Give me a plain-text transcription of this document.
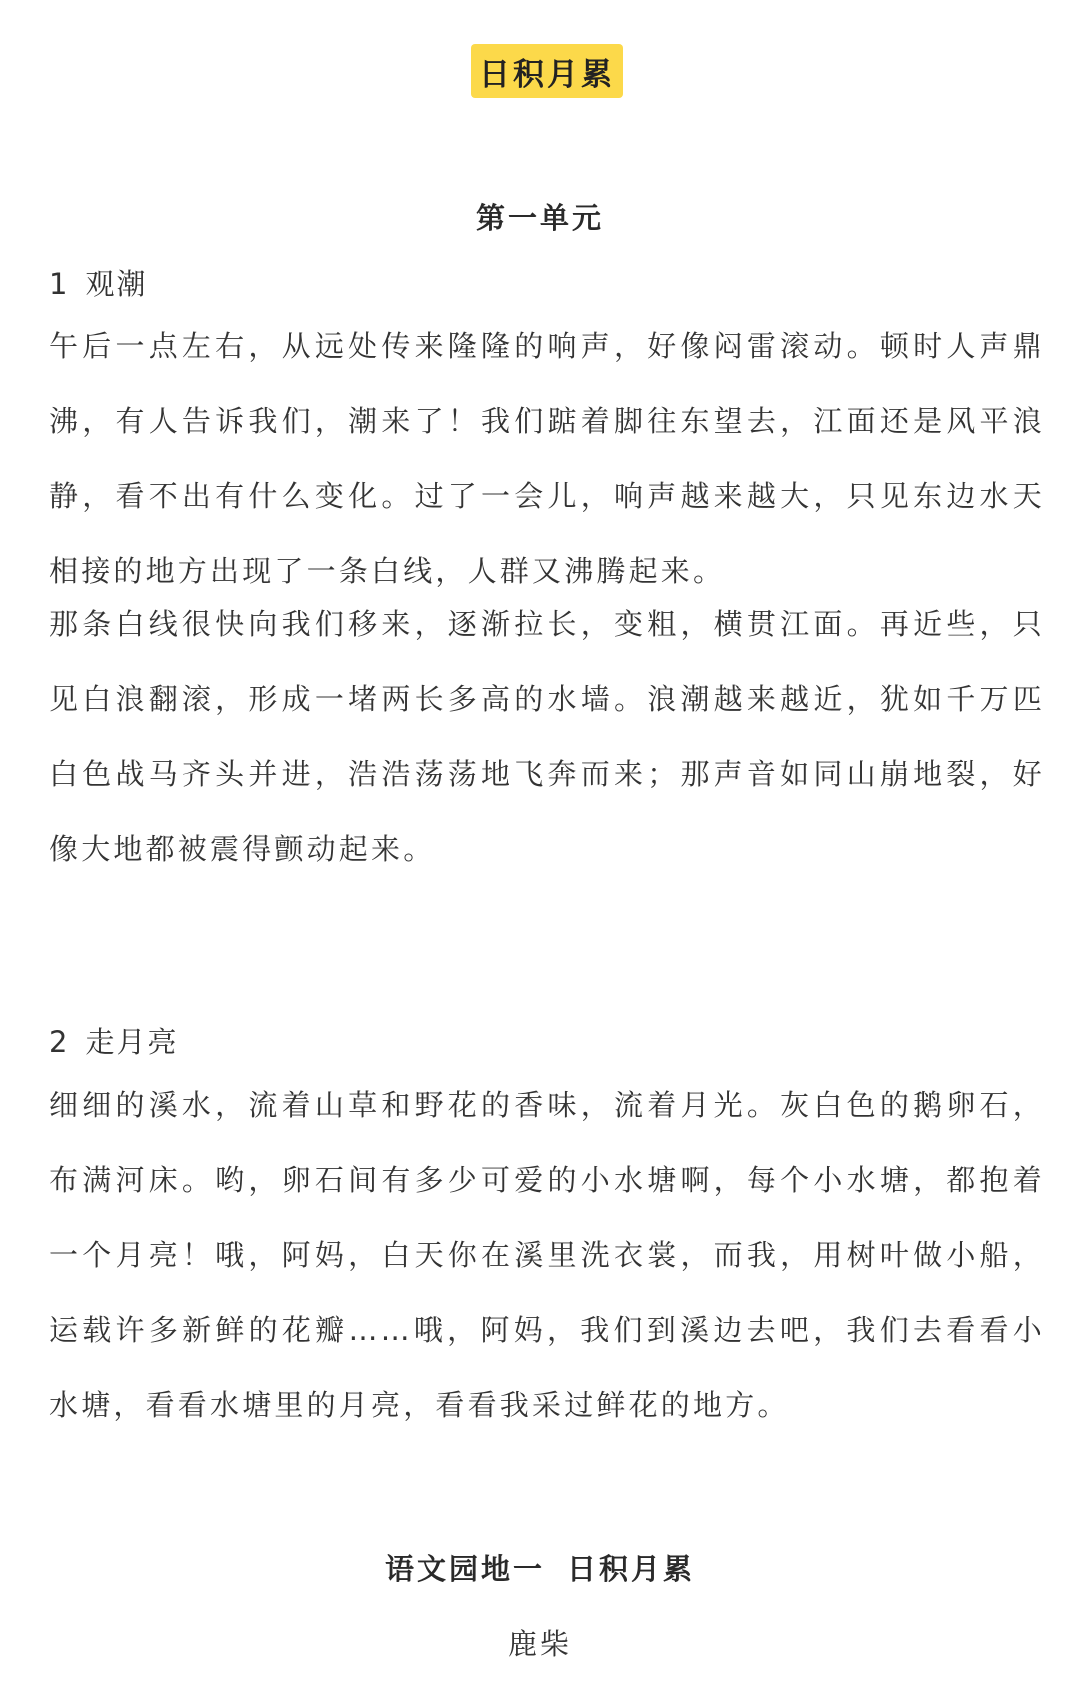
日积月累
第一单元
1 观潮

午后一点左右，从远处传来隆隆的响声，好像闷雷滚动。顿时人声鼎沸，有人告诉我们，潮来了！我们踮着脚往东望去，江面还是风平浪静，看不出有什么变化。过了一会儿，响声越来越大，只见东边水天相接的地方出现了一条白线，人群又沸腾起来。

那条白线很快向我们移来，逐渐拉长，变粗，横贯江面。再近些，只见白浪翻滚，形成一堵两长多高的水墙。浪潮越来越近，犹如千万匹白色战马齐头并进，浩浩荡荡地飞奔而来；那声音如同山崩地裂，好像大地都被震得颤动起来。

2 走月亮

细细的溪水，流着山草和野花的香味，流着月光。灰白色的鹅卵石，布满河床。哟，卵石间有多少可爱的小水塘啊，每个小水塘，都抱着一个月亮！哦，阿妈，白天你在溪里洗衣裳，而我，用树叶做小船，运载许多新鲜的花瓣……哦，阿妈，我们到溪边去吧，我们去看看小水塘，看看水塘里的月亮，看看我采过鲜花的地方。

语文园地一 日积月累
鹿柴
